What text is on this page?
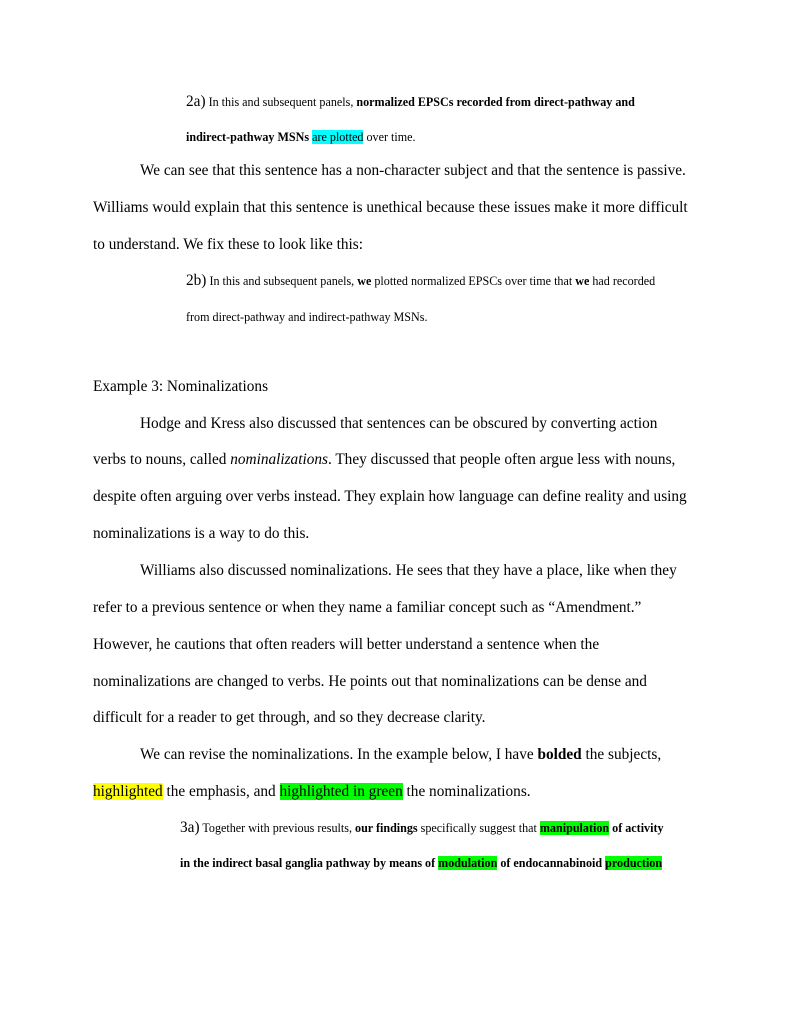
2a) In this and subsequent panels, normalized EPSCs recorded from direct-pathway and
indirect-pathway MSNs are plotted over time.
We can see that this sentence has a non-character subject and that the sentence is passive.
Williams would explain that this sentence is unethical because these issues make it more difficult
to understand. We fix these to look like this:
2b) In this and subsequent panels, we plotted normalized EPSCs over time that we had recorded
from direct-pathway and indirect-pathway MSNs.
Example 3: Nominalizations
Hodge and Kress also discussed that sentences can be obscured by converting action
verbs to nouns, called nominalizations. They discussed that people often argue less with nouns,
despite often arguing over verbs instead. They explain how language can define reality and using
nominalizations is a way to do this.
Williams also discussed nominalizations. He sees that they have a place, like when they
refer to a previous sentence or when they name a familiar concept such as “Amendment.”
However, he cautions that often readers will better understand a sentence when the
nominalizations are changed to verbs. He points out that nominalizations can be dense and
difficult for a reader to get through, and so they decrease clarity.
We can revise the nominalizations. In the example below, I have bolded the subjects,
highlighted the emphasis, and highlighted in green the nominalizations.
3a) Together with previous results, our findings specifically suggest that manipulation of activity
in the indirect basal ganglia pathway by means of modulation of endocannabinoid production
